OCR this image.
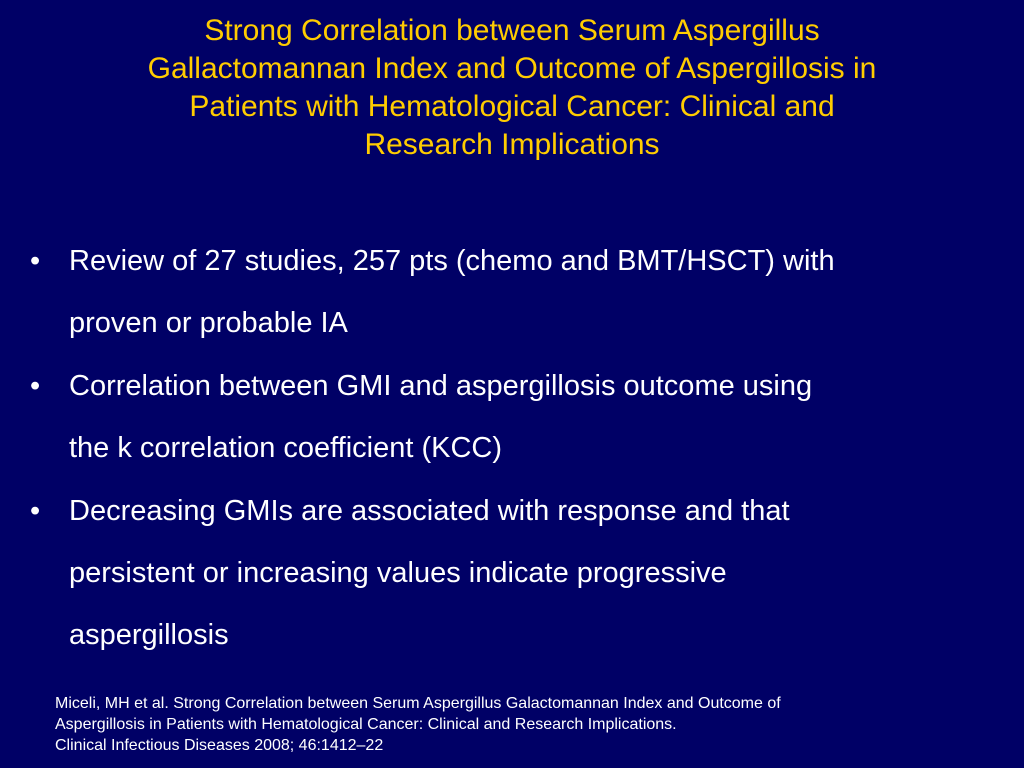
Strong Correlation between Serum Aspergillus
Gallactomannan Index and Outcome of Aspergillosis in
Patients with Hematological Cancer: Clinical and
Research Implications
• Review of 27 studies, 257 pts (chemo and BMT/HSCT) with
proven or probable IA
• Correlation between GMI and aspergillosis outcome using
the k correlation coefficient (KCC)
• Decreasing GMIs are associated with response and that
persistent or increasing values indicate progressive
aspergillosis
Miceli, MH et al. Strong Correlation between Serum Aspergillus Galactomannan Index and Outcome of
Aspergillosis in Patients with Hematological Cancer: Clinical and Research Implications.
Clinical Infectious Diseases 2008; 46:1412–22
